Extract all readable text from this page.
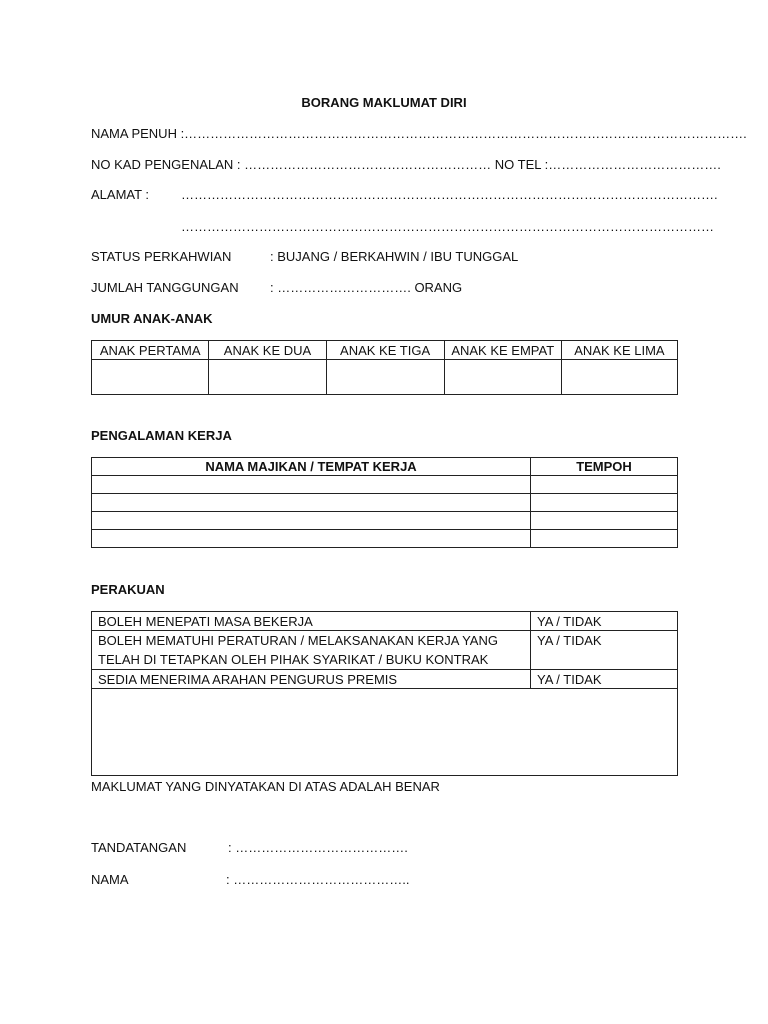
BORANG MAKLUMAT DIRI
NAMA PENUH :………………………………………………………………………………………………………………….
NO KAD PENGENALAN : ………………………………………………… NO TEL :………………………………….
ALAMAT : …………………………………………………………………………………………………………….
……………………………………………………………………………………………………………
STATUS PERKAHWIAN	: BUJANG / BERKAHWIN / IBU TUNGGAL
JUMLAH TANGGUNGAN : …………………………. ORANG
UMUR ANAK-ANAK
ANAK PERTAMA	ANAK KE DUA	ANAK KE TIGA	ANAK KE EMPAT	ANAK KE LIMA

PENGALAMAN KERJA
NAMA MAJIKAN / TEMPAT KERJA	TEMPOH

PERAKUAN
BOLEH MENEPATI MASA BEKERJA	YA / TIDAK

BOLEH MEMATUHI PERATURAN / MELAKSANAKAN KERJA YANG
TELAH DI TETAPKAN OLEH PIHAK SYARIKAT / BUKU KONTRAK	YA / TIDAK
SEDIA MENERIMA ARAHAN PENGURUS PREMIS	YA / TIDAK

MAKLUMAT YANG DINYATAKAN DI ATAS ADALAH BENAR
TANDATANGAN	: ………………………………….
NAMA	: …………………………………..
